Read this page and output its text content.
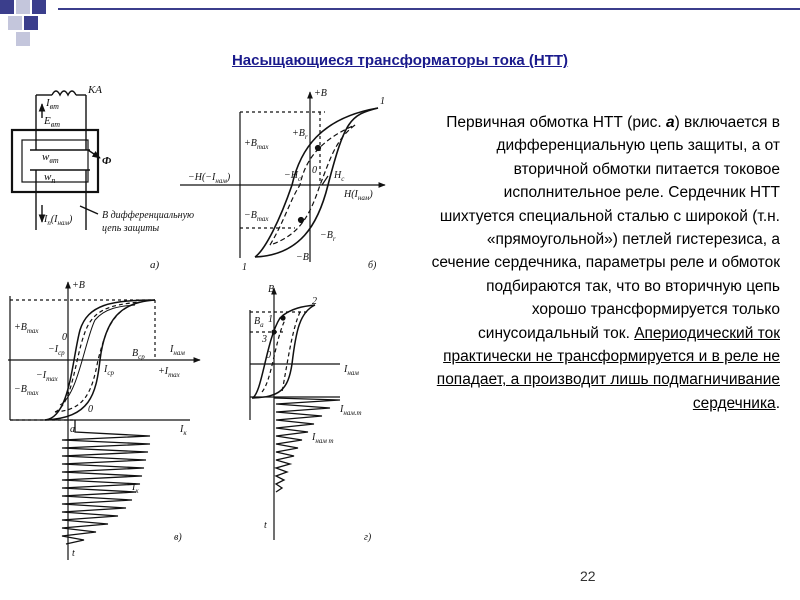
Насыщающиеся трансформаторы тока (НТТ)
КА
$I_{вт}$
$E_{вт}$
$w_{вт}$
$w_п$
Ф
$I_п(I_{нам})$	В дифференциальную
цепь защиты
а)
+В
1
$+B_r$
$+B_{max}$
0
$-H(-I_{нам})$	$-H_c$	$H_c$
$H(I_{нам})$
$-B_{max}$
$-B_r$
−В
1	б)
+В
$+B_{max}$
0
$-I_{cр}$	$B_{cр}$
$I_{нам}$
$I_{cр}$	$+I_{max}$
$-I_{max}$
$-B_{max}$
0
a	$I_к$
$I_к$
t
в)
B
2
$B_a$ 1
3
0
$I_{нам}$
$I_{нам.т}$
$I_{нам т}$
t
г)
Первичная обмотка НТТ (рис. а) включается в дифференциальную цепь защиты, а от вторичной обмотки питается токовое исполнительное реле. Сердечник НТТ шихтуется специальной сталью с широкой (т.н. «прямоугольной») петлей гистерезиса, а сечение сердечника, параметры реле и обмоток подбираются так, что во вторичную цепь хорошо трансформируется только синусоидальный ток. Апериодический ток практически не трансформируется и в реле не попадает, а производит лишь подмагничивание сердечника.
22
